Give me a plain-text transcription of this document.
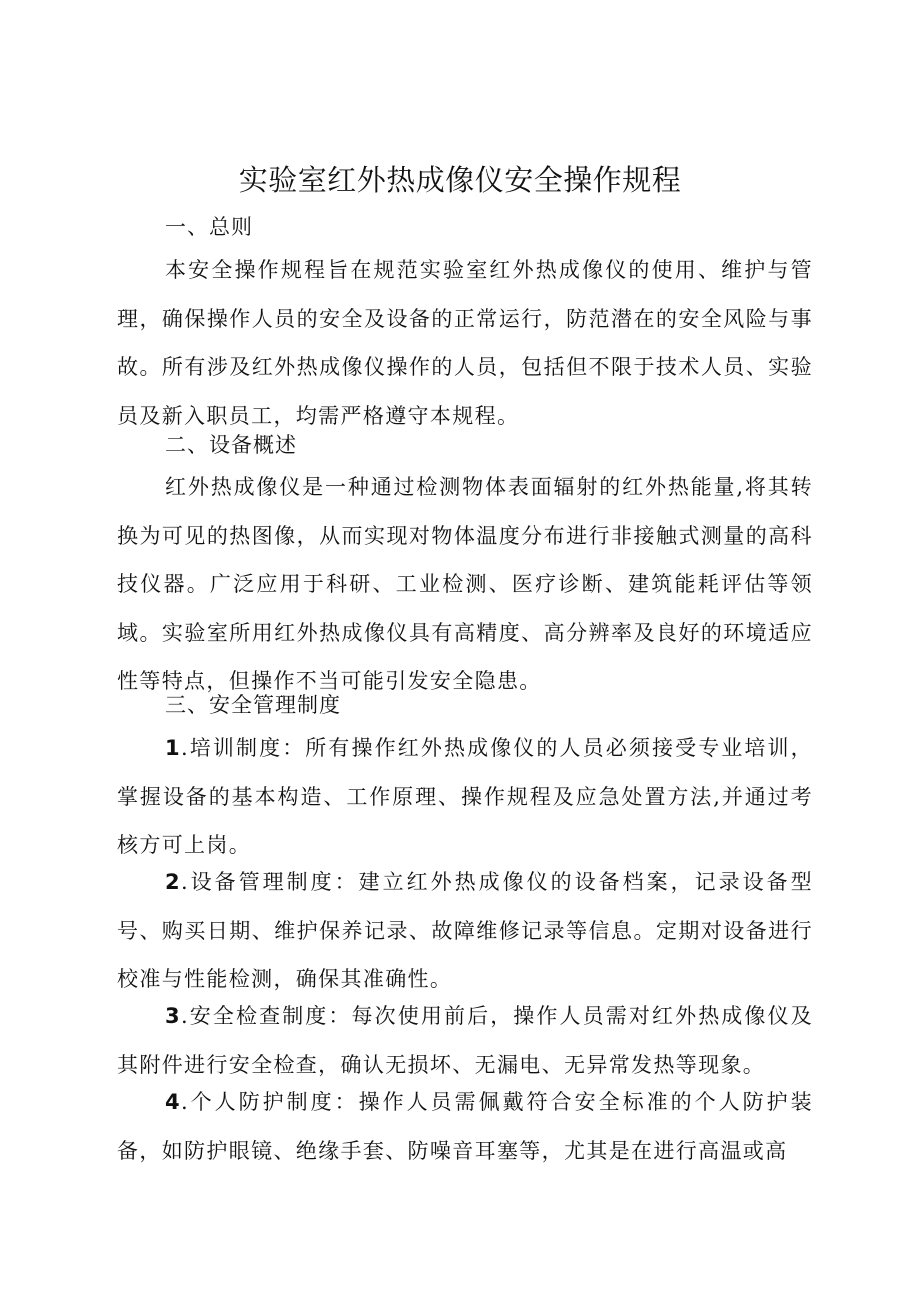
实验室红外热成像仪安全操作规程
一、总则

本安全操作规程旨在规范实验室红外热成像仪的使用、维护与管理，确保操作人员的安全及设备的正常运行，防范潜在的安全风险与事故。所有涉及红外热成像仪操作的人员，包括但不限于技术人员、实验员及新入职员工，均需严格遵守本规程。

二、设备概述

红外热成像仪是一种通过检测物体表面辐射的红外热能量,将其转换为可见的热图像，从而实现对物体温度分布进行非接触式测量的高科技仪器。广泛应用于科研、工业检测、医疗诊断、建筑能耗评估等领域。实验室所用红外热成像仪具有高精度、高分辨率及良好的环境适应性等特点，但操作不当可能引发安全隐患。

三、安全管理制度

1.培训制度：所有操作红外热成像仪的人员必须接受专业培训，掌握设备的基本构造、工作原理、操作规程及应急处置方法,并通过考核方可上岗。

2.设备管理制度：建立红外热成像仪的设备档案，记录设备型号、购买日期、维护保养记录、故障维修记录等信息。定期对设备进行校准与性能检测，确保其准确性。

3.安全检查制度：每次使用前后，操作人员需对红外热成像仪及其附件进行安全检查，确认无损坏、无漏电、无异常发热等现象。

4.个人防护制度：操作人员需佩戴符合安全标准的个人防护装备，如防护眼镜、绝缘手套、防噪音耳塞等，尤其是在进行高温或高
